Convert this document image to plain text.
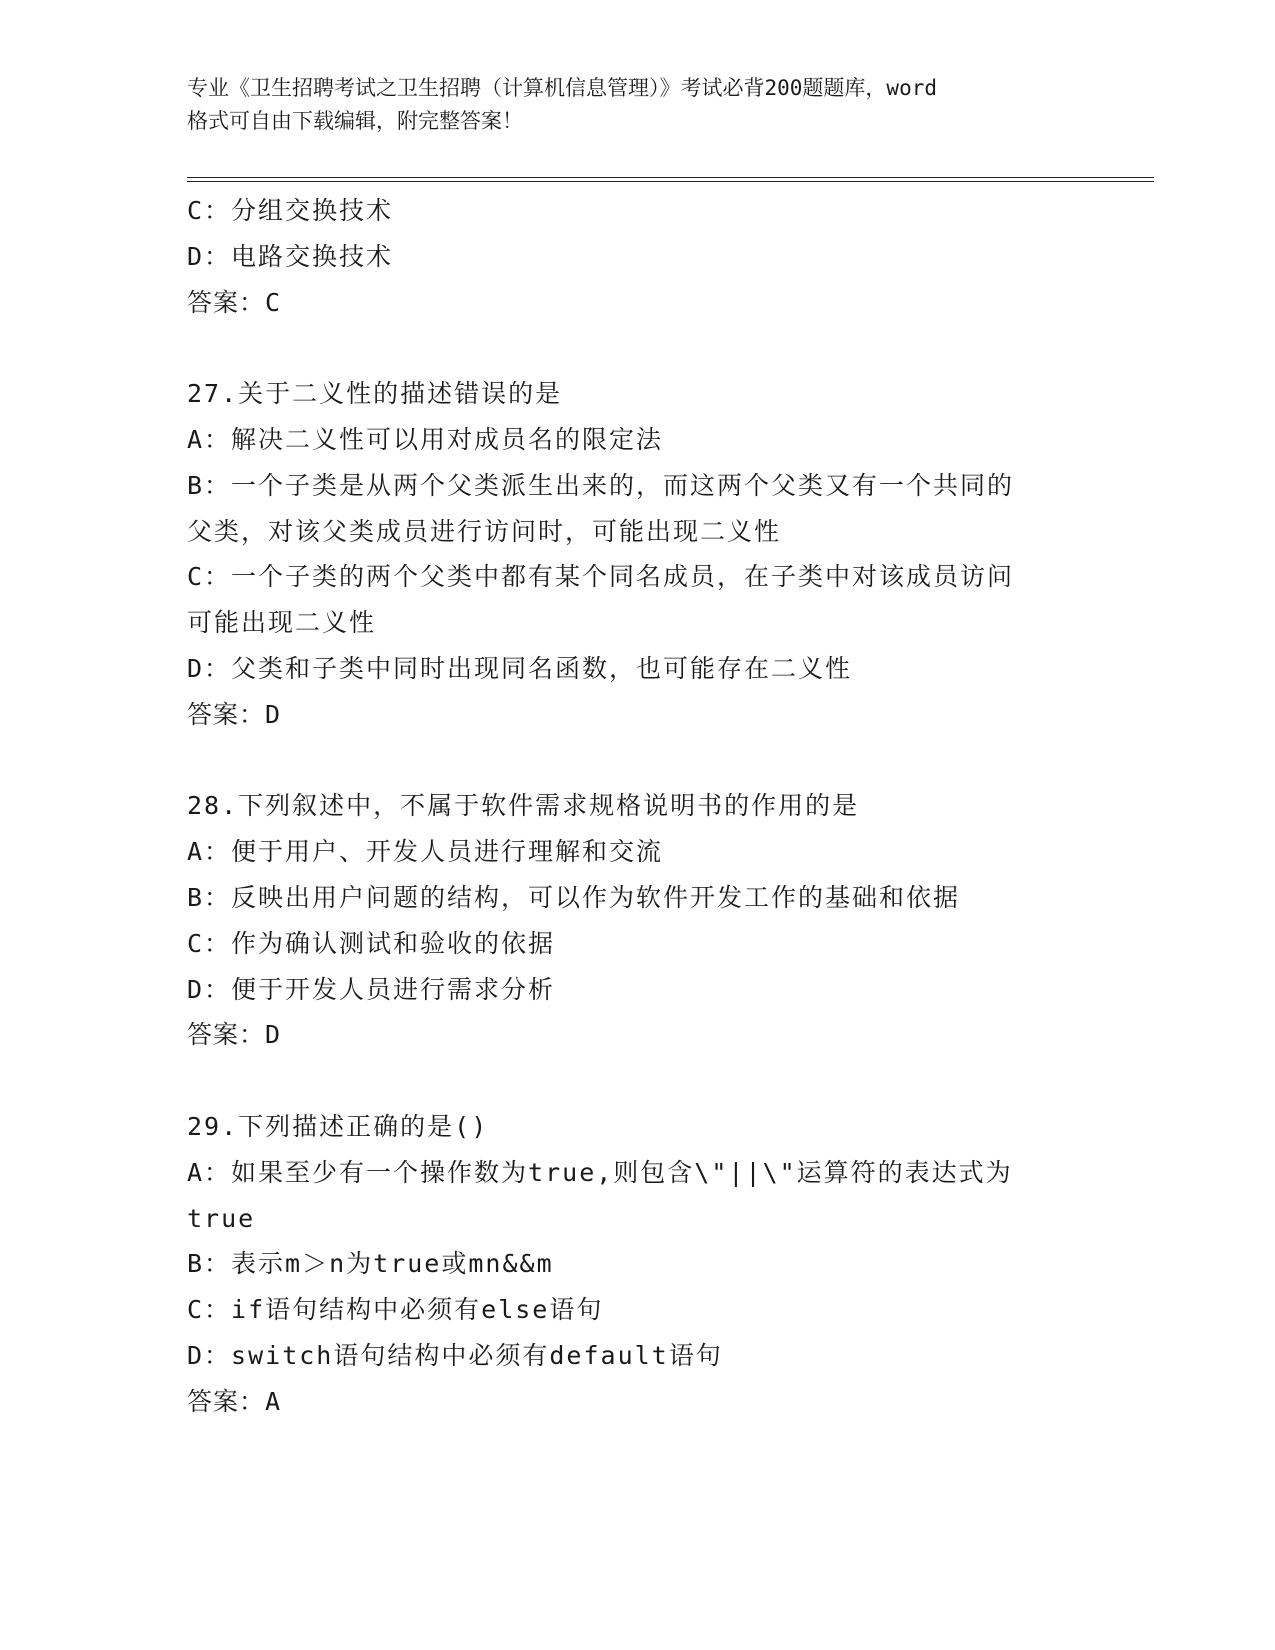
专业《卫生招聘考试之卫生招聘（计算机信息管理）》考试必背200题题库，word
格式可自由下载编辑，附完整答案！
C：分组交换技术
D：电路交换技术
答案：C
27.关于二义性的描述错误的是
A：解决二义性可以用对成员名的限定法
B：一个子类是从两个父类派生出来的，而这两个父类又有一个共同的
父类，对该父类成员进行访问时，可能出现二义性
C：一个子类的两个父类中都有某个同名成员，在子类中对该成员访问
可能出现二义性
D：父类和子类中同时出现同名函数，也可能存在二义性
答案：D
28.下列叙述中，不属于软件需求规格说明书的作用的是
A：便于用户、开发人员进行理解和交流
B：反映出用户问题的结构，可以作为软件开发工作的基础和依据
C：作为确认测试和验收的依据
D：便于开发人员进行需求分析
答案：D
29.下列描述正确的是()
A：如果至少有一个操作数为true,则包含\"||\"运算符的表达式为
true
B：表示m＞n为true或mn&&m
C：if语句结构中必须有else语句
D：switch语句结构中必须有default语句
答案：A
